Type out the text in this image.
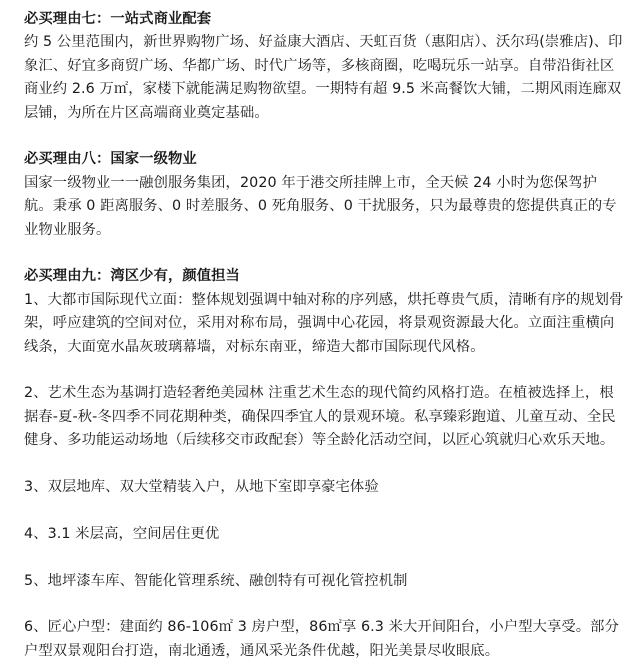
必买理由七：一站式商业配套

约 5 公里范围内，新世界购物广场、好益康大酒店、天虹百货（惠阳店）、沃尔玛(崇雅店)、印象汇、好宜多商贸广场、华都广场、时代广场等，多核商圈，吃喝玩乐一站享。自带沿街社区商业约 2.6 万㎡，家楼下就能满足购物欲望。一期特有超 9.5 米高餐饮大铺，二期风雨连廊双层铺，为所在片区高端商业奠定基础。

必买理由八：国家一级物业

国家一级物业一一融创服务集团，2020 年于港交所挂牌上市，全天候 24 小时为您保驾护航。秉承 0 距离服务、0 时差服务、0 死角服务、0 干扰服务，只为最尊贵的您提供真正的专业物业服务。

必买理由九：湾区少有，颜值担当

1、大都市国际现代立面：整体规划强调中轴对称的序列感，烘托尊贵气质，清晰有序的规划骨架，呼应建筑的空间对位，采用对称布局，强调中心花园，将景观资源最大化。立面注重横向线条，大面宽水晶灰玻璃幕墙，对标东南亚，缔造大都市国际现代风格。

2、艺术生态为基调打造轻奢绝美园林 注重艺术生态的现代简约风格打造。在植被选择上，根据春-夏-秋-冬四季不同花期种类，确保四季宜人的景观环境。私享臻彩跑道、儿童互动、全民健身、多功能运动场地（后续移交市政配套）等全龄化活动空间，以匠心筑就归心欢乐天地。

3、双层地库、双大堂精装入户，从地下室即享豪宅体验

4、3.1 米层高，空间居住更优

5、地坪漆车库、智能化管理系统、融创特有可视化管控机制

6、匠心户型：建面约 86-106㎡ 3 房户型，86㎡享 6.3 米大开间阳台，小户型大享受。部分户型双景观阳台打造，南北通透，通风采光条件优越，阳光美景尽收眼底。
